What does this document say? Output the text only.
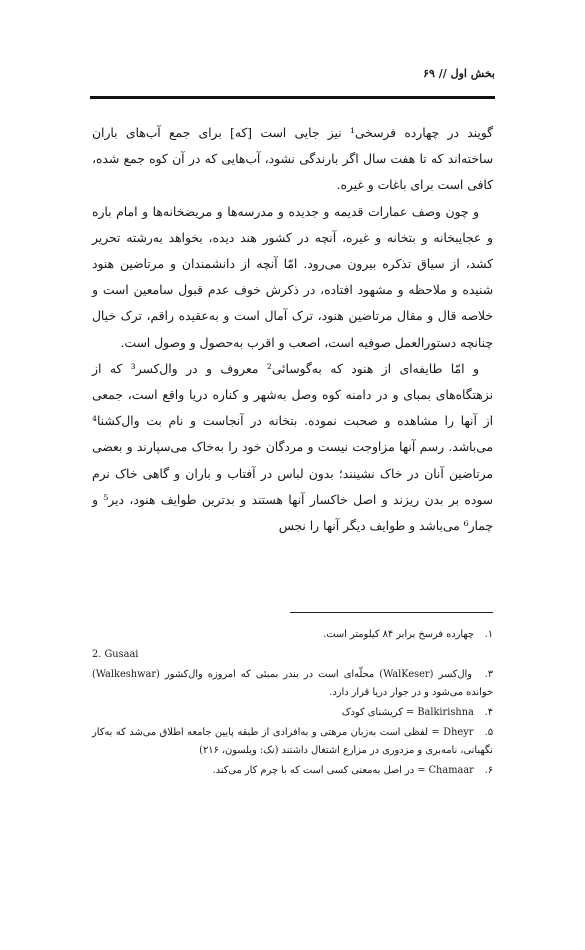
بخش اول // ۶۹

گویند در چهارده فرسخی¹ نیز جایی است [که] برای جمع آب‌های باران ساخته‌اند که تا هفت سال اگر بارندگی نشود، آب‌هایی که در آن کوه جمع شده، کافی است برای باغات و غیره.

و چون وصف عمارات قدیمه و جدیده و مدرسه‌ها و مریضخانه‌ها و امام باره و عجایبخانه و بتخانه و غیره، آنچه در کشور هند دیده، بخواهد به‌رشته تحریر کشد، از سیاق تذکره بیرون می‌رود. امّا آنچه از دانشمندان و مرتاضین هنود شنیده و ملاحظه و مشهود افتاده، در ذکرش خوف عدم قبول سامعین است و خلاصه قال و مقال مرتاضین هنود، ترک آمال است و به‌عقیده راقم، ترک خیال چنانچه دستورالعمل صوفیه است، اصعب و اقرب به‌حصول و وصول است.

و امّا طایفه‌ای از هنود که به‌گوسائی² معروف و در وال‌کسر³ که از نزهتگاه‌های بمبای و در دامنه کوه وصل به‌شهر و کناره دریا واقع است، جمعی از آنها را مشاهده و صحبت نموده. بتخانه در آنجاست و نام بت وال‌کشنا⁴ می‌باشد. رسم آنها مزاوجت نیست و مردگان خود را به‌خاک می‌سپارند و بعضی مرتاضین آنان در خاک نشینند؛ بدون لباس در آفتاب و باران و گاهی خاک نرم سوده بر بدن ریزند و اصل خاکسار آنها هستند و بدترین طوایف هنود، دیر⁵ و چمار⁶ می‌باشد و طوایف دیگر آنها را نجس

۱. چهارده فرسخ برابر ۸۴ کیلومتر است.
2. Gusaai
۳. وال‌کسر (WalKeser) محلّه‌ای است در بندر بمبئی که امروزه وال‌کشور (Walkeshwar) خوانده می‌شود و در جوار دریا قرار دارد.
۴. Balkirishna = کریشنای کودک
۵. Dheyr = لفظی است به‌زبان مرهتی و به‌افرادی از طبقه پایین جامعه اطلاق می‌شد که به‌کار نگهبانی، نامه‌بری و مزدوری در مزارع اشتغال داشتند (نک: ویلسون، ۲۱۶)
۶. Chamaar = در اصل به‌معنی کسی است که با چرم کار می‌کند.
